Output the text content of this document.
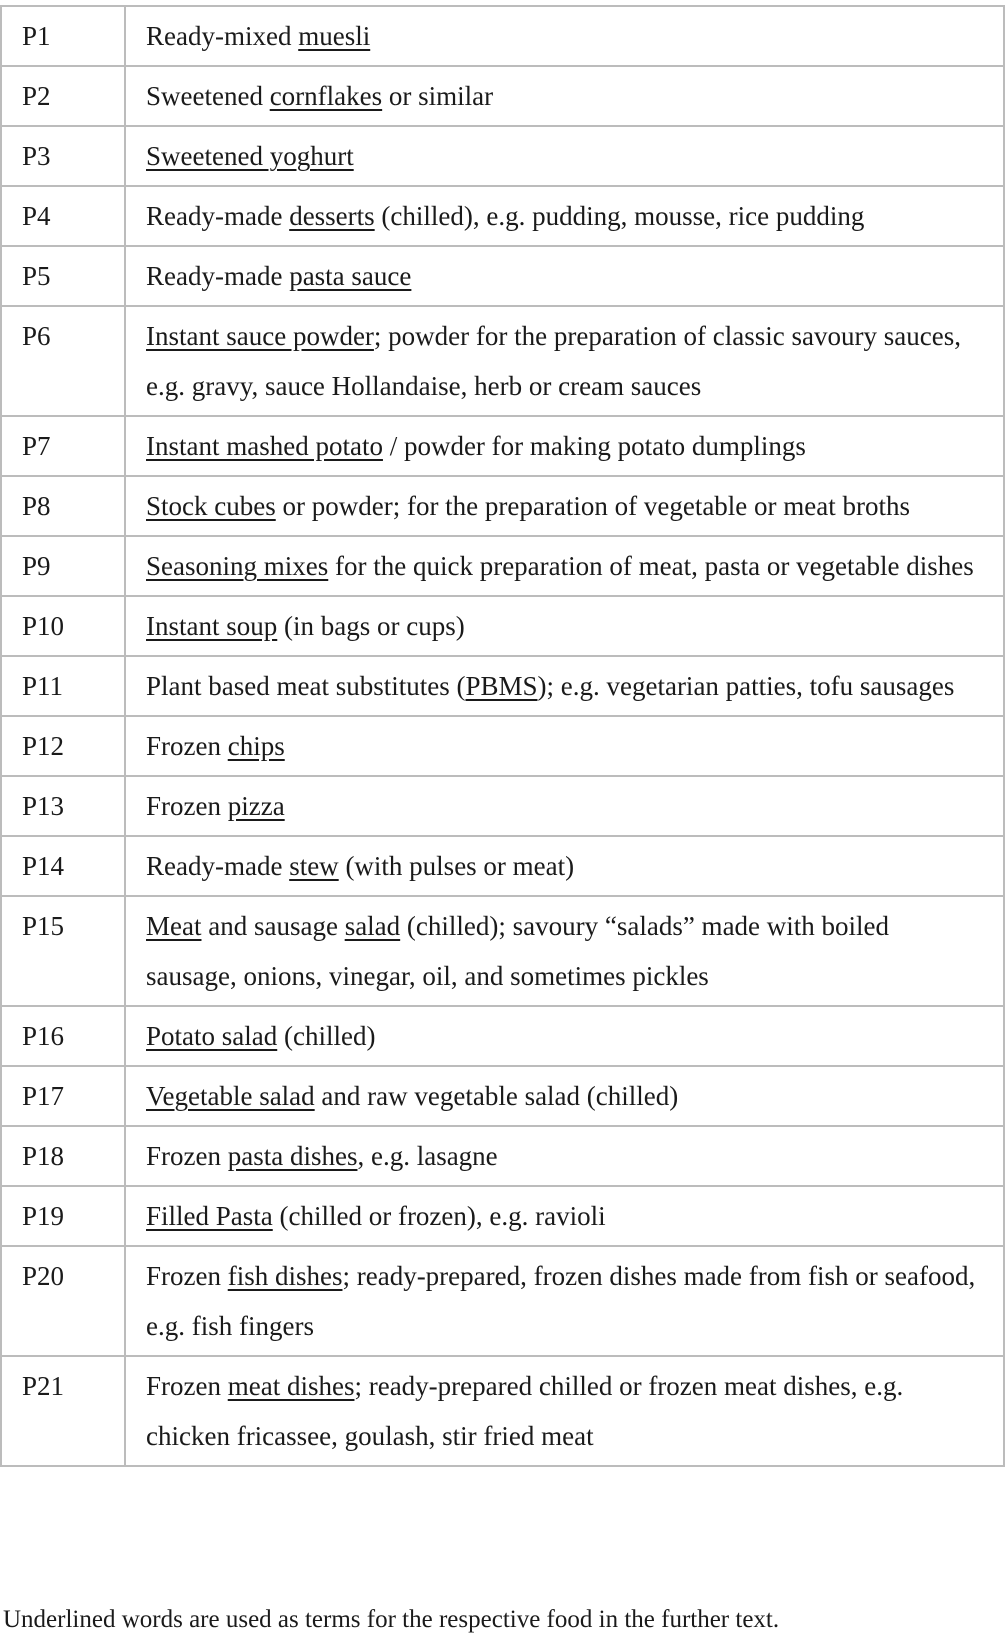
P1	Ready-mixed muesli
P2	Sweetened cornflakes or similar
P3	Sweetened yoghurt
P4	Ready-made desserts (chilled), e.g. pudding, mousse, rice pudding
P5	Ready-made pasta sauce
P6	Instant sauce powder; powder for the preparation of classic savoury sauces, e.g. gravy, sauce Hollandaise, herb or cream sauces
P7	Instant mashed potato / powder for making potato dumplings
P8	Stock cubes or powder; for the preparation of vegetable or meat broths
P9	Seasoning mixes for the quick preparation of meat, pasta or vegetable dishes
P10	Instant soup (in bags or cups)
P11	Plant based meat substitutes (PBMS); e.g. vegetarian patties, tofu sausages
P12	Frozen chips
P13	Frozen pizza
P14	Ready-made stew (with pulses or meat)
P15	Meat and sausage salad (chilled); savoury “salads” made with boiled sausage, onions, vinegar, oil, and sometimes pickles
P16	Potato salad (chilled)
P17	Vegetable salad and raw vegetable salad (chilled)
P18	Frozen pasta dishes, e.g. lasagne
P19	Filled Pasta (chilled or frozen), e.g. ravioli
P20	Frozen fish dishes; ready-prepared, frozen dishes made from fish or seafood, e.g. fish fingers
P21	Frozen meat dishes; ready-prepared chilled or frozen meat dishes, e.g. chicken fricassee, goulash, stir fried meat
Underlined words are used as terms for the respective food in the further text.
